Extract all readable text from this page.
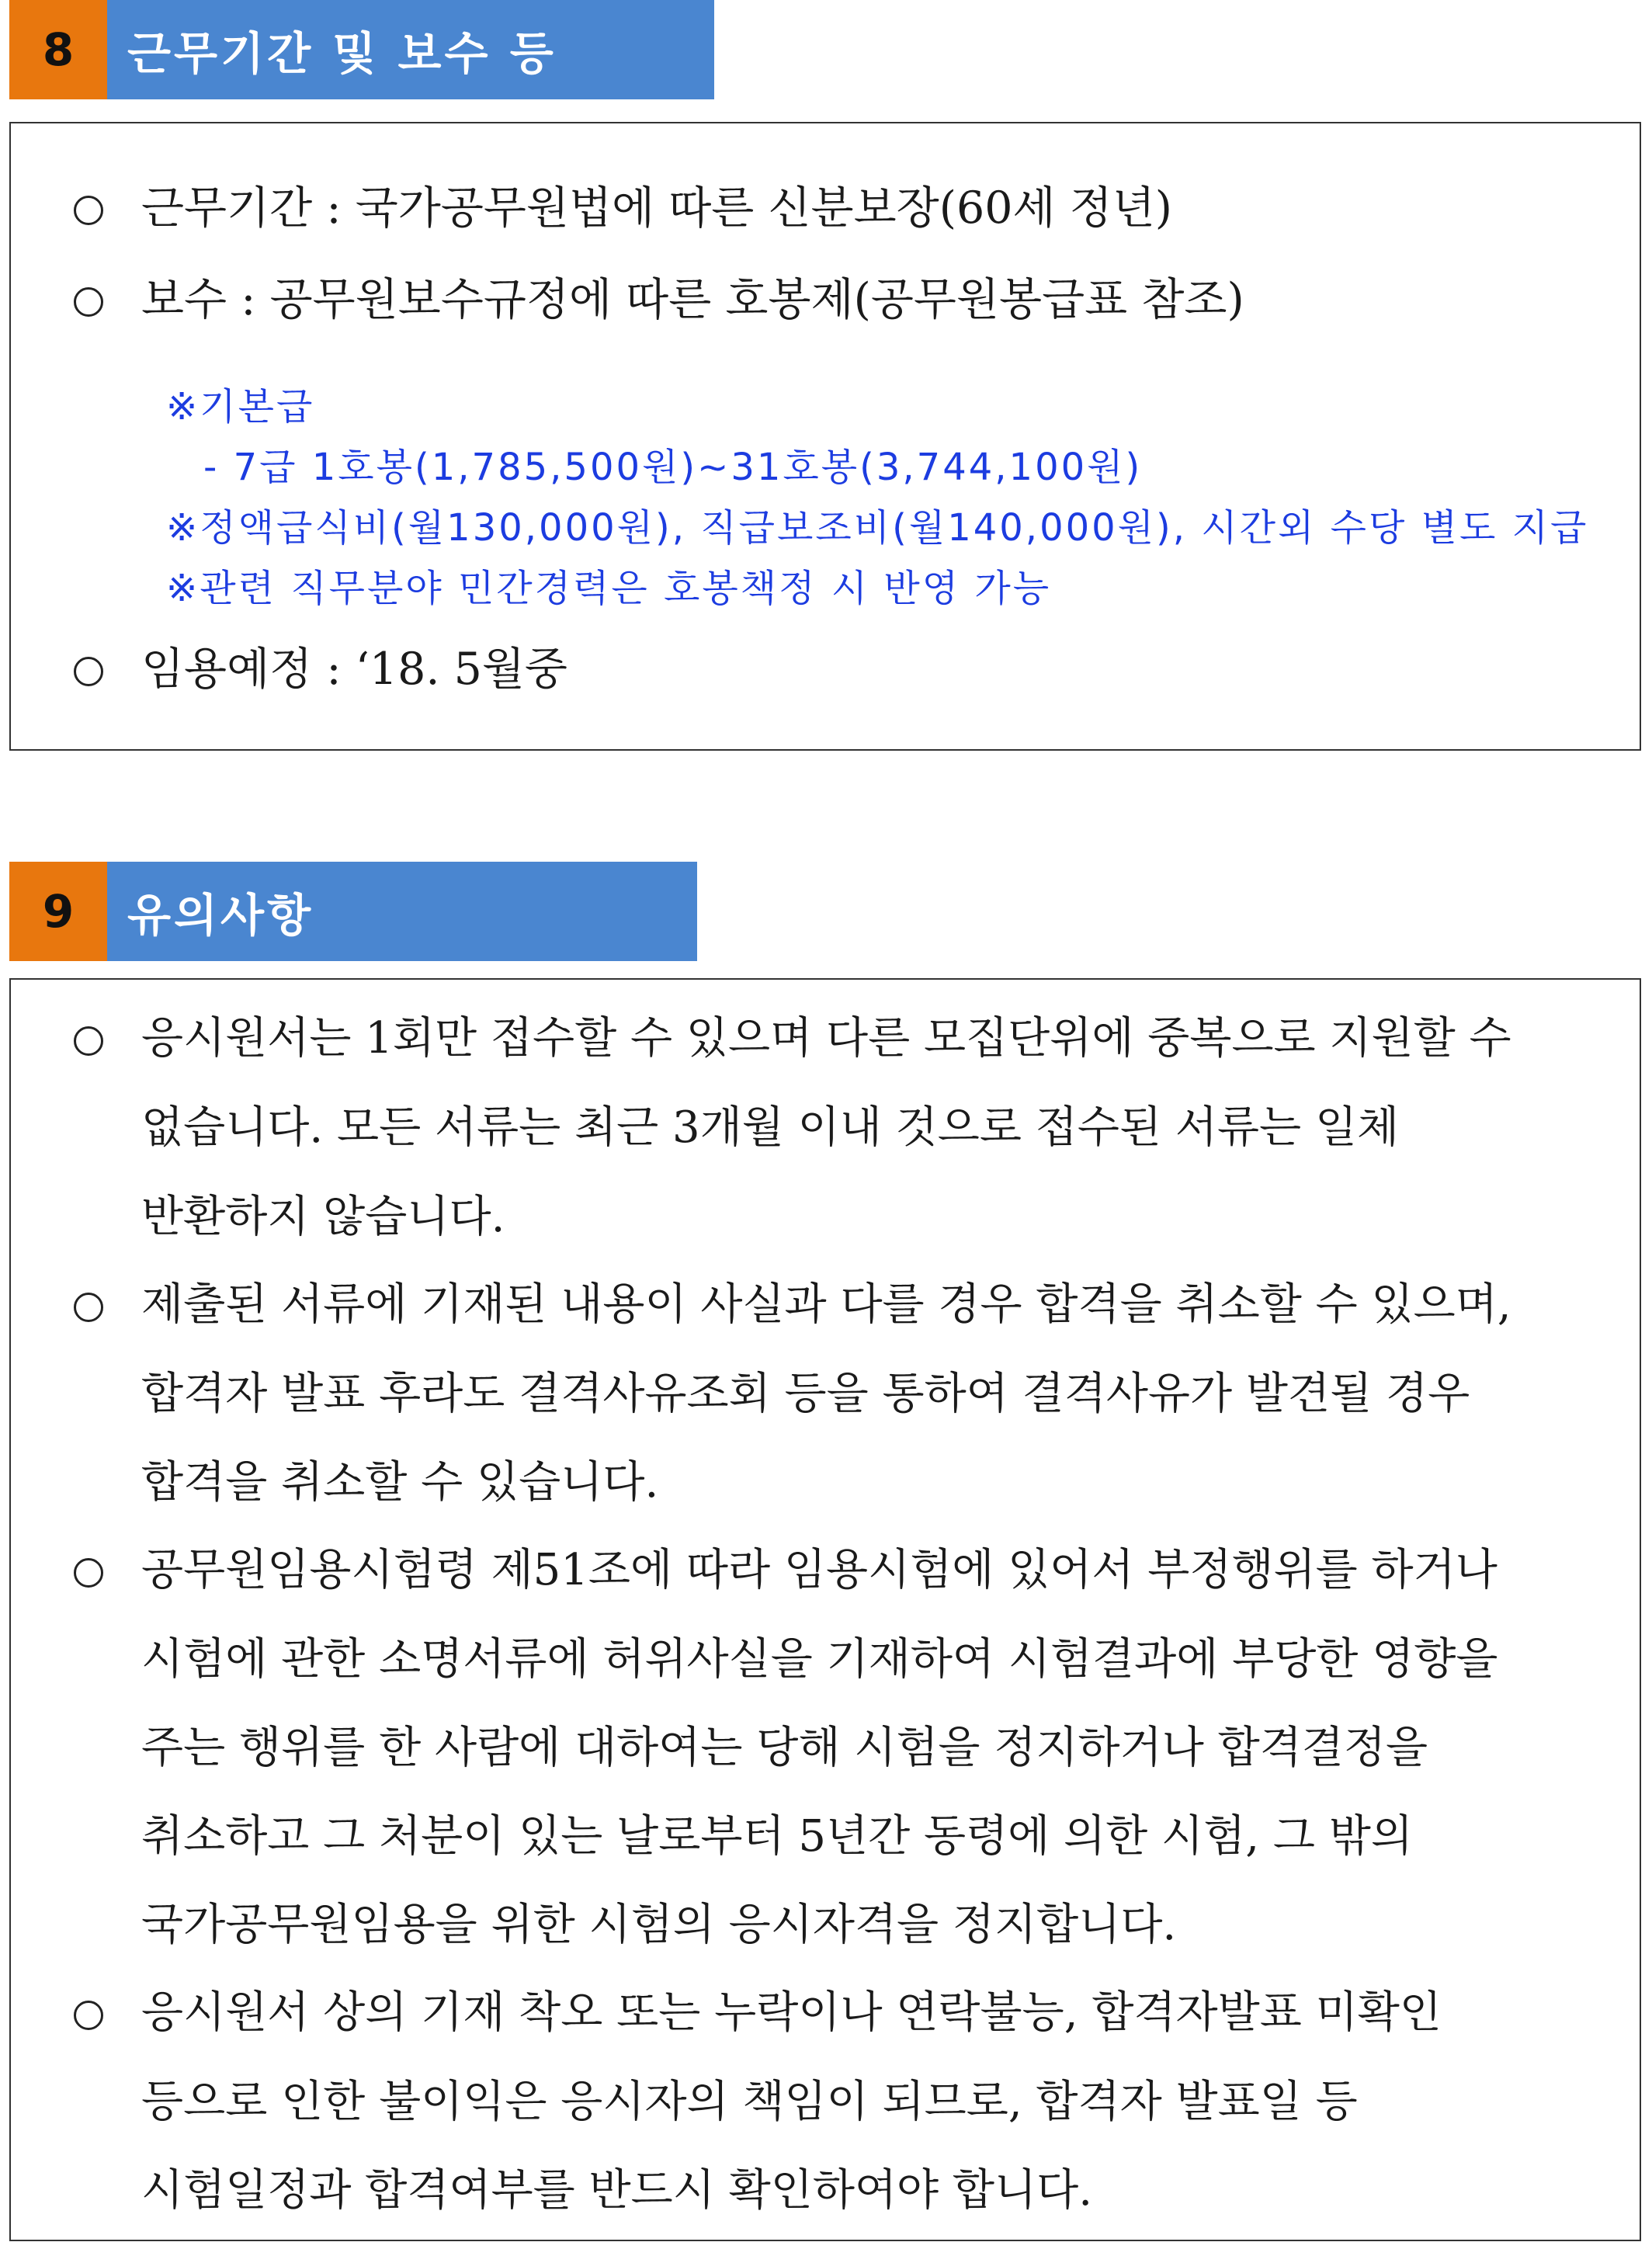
8	근무기간 및 보수 등
근무기간 : 국가공무원법에 따른 신분보장(60세 정년)
보수 : 공무원보수규정에 따른 호봉제(공무원봉급표 참조)
※기본급
- 7급 1호봉(1,785,500원)~31호봉(3,744,100원)
※정액급식비(월130,000원), 직급보조비(월140,000원), 시간외 수당 별도 지급
※관련 직무분야 민간경력은 호봉책정 시 반영 가능
임용예정 : ‘18. 5월중
9	유의사항
응시원서는 1회만 접수할 수 있으며 다른 모집단위에 중복으로 지원할 수
없습니다. 모든 서류는 최근 3개월 이내 것으로 접수된 서류는 일체
반환하지 않습니다.
제출된 서류에 기재된 내용이 사실과 다를 경우 합격을 취소할 수 있으며,
합격자 발표 후라도 결격사유조회 등을 통하여 결격사유가 발견될 경우
합격을 취소할 수 있습니다.
공무원임용시험령 제51조에 따라 임용시험에 있어서 부정행위를 하거나
시험에 관한 소명서류에 허위사실을 기재하여 시험결과에 부당한 영향을
주는 행위를 한 사람에 대하여는 당해 시험을 정지하거나 합격결정을
취소하고 그 처분이 있는 날로부터 5년간 동령에 의한 시험, 그 밖의
국가공무원임용을 위한 시험의 응시자격을 정지합니다.
응시원서 상의 기재 착오 또는 누락이나 연락불능, 합격자발표 미확인
등으로 인한 불이익은 응시자의 책임이 되므로, 합격자 발표일 등
시험일정과 합격여부를 반드시 확인하여야 합니다.
